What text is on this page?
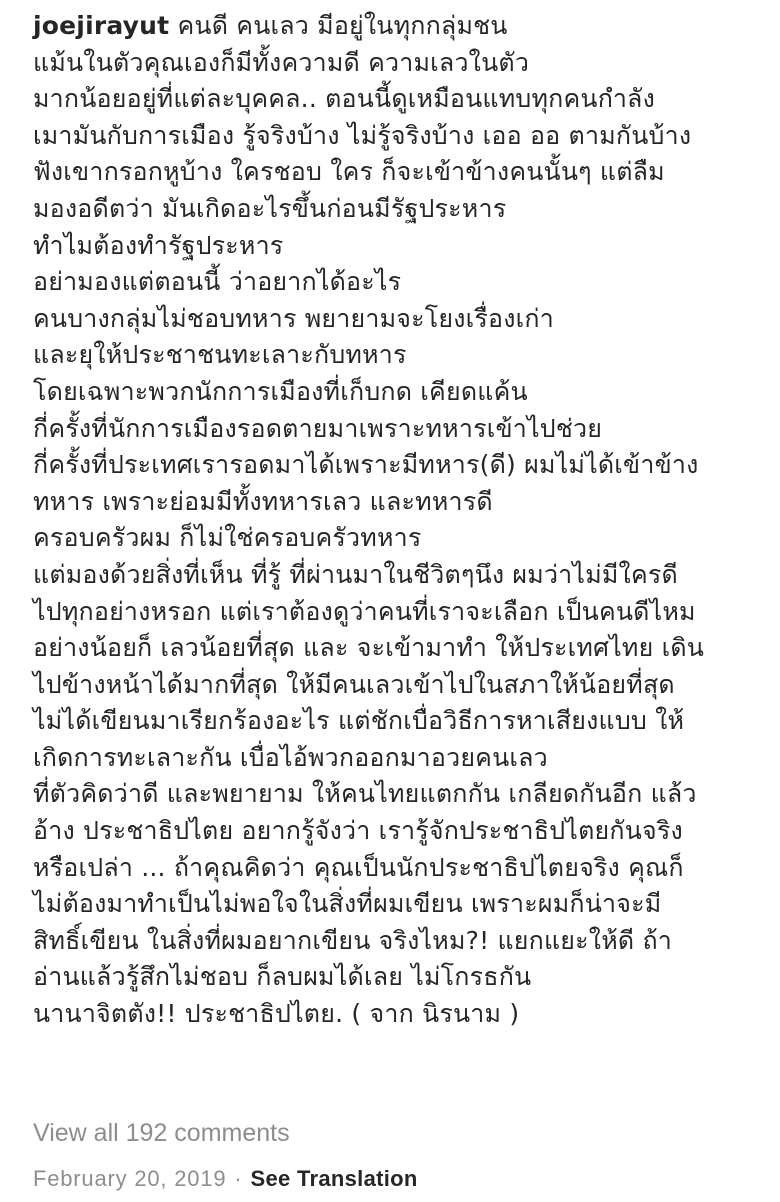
joejirayut คนดี คนเลว มีอยู่ในทุกกลุ่มชน
แม้นในตัวคุณเองก็มีทั้งความดี ความเลวในตัว
มากน้อยอยู่ที่แต่ละบุคคล.. ตอนนี้ดูเหมือนแทบทุกคนกำลัง
เมามันกับการเมือง รู้จริงบ้าง ไม่รู้จริงบ้าง เออ ออ ตามกันบ้าง
ฟังเขากรอกหูบ้าง ใครชอบ ใคร ก็จะเข้าข้างคนนั้นๆ แต่ลืม
มองอดีตว่า มันเกิดอะไรขึ้นก่อนมีรัฐประหาร
ทำไมต้องทำรัฐประหาร
อย่ามองแต่ตอนนี้ ว่าอยากได้อะไร
คนบางกลุ่มไม่ชอบทหาร พยายามจะโยงเรื่องเก่า
และยุให้ประชาชนทะเลาะกับทหาร
โดยเฉพาะพวกนักการเมืองที่เก็บกด เคียดแค้น
กี่ครั้งที่นักการเมืองรอดตายมาเพราะทหารเข้าไปช่วย
กี่ครั้งที่ประเทศเรารอดมาได้เพราะมีทหาร(ดี) ผมไม่ได้เข้าข้าง
ทหาร เพราะย่อมมีทั้งทหารเลว และทหารดี
ครอบครัวผม ก็ไม่ใช่ครอบครัวทหาร
แต่มองด้วยสิ่งที่เห็น ที่รู้ ที่ผ่านมาในชีวิตๆนึง ผมว่าไม่มีใครดี
ไปทุกอย่างหรอก แต่เราต้องดูว่าคนที่เราจะเลือก เป็นคนดีไหม
อย่างน้อยก็ เลวน้อยที่สุด และ จะเข้ามาทำ ให้ประเทศไทย เดิน
ไปข้างหน้าได้มากที่สุด ให้มีคนเลวเข้าไปในสภาให้น้อยที่สุด
ไม่ได้เขียนมาเรียกร้องอะไร แต่ชักเบื่อวิธีการหาเสียงแบบ ให้
เกิดการทะเลาะกัน เบื่อไอ้พวกออกมาอวยคนเลว
ที่ตัวคิดว่าดี และพยายาม ให้คนไทยแตกกัน เกลียดกันอีก แล้ว
อ้าง ประชาธิปไตย อยากรู้จังว่า เรารู้จักประชาธิปไตยกันจริง
หรือเปล่า ... ถ้าคุณคิดว่า คุณเป็นนักประชาธิปไตยจริง คุณก็
ไม่ต้องมาทำเป็นไม่พอใจในสิ่งที่ผมเขียน เพราะผมก็น่าจะมี
สิทธิ์เขียน ในสิ่งที่ผมอยากเขียน จริงไหม?! แยกแยะให้ดี ถ้า
อ่านแล้วรู้สึกไม่ชอบ ก็ลบผมได้เลย ไม่โกรธกัน
นานาจิตตัง!! ประชาธิปไตย. ( จาก นิรนาม )
View all 192 comments
February 20, 2019 · See Translation
